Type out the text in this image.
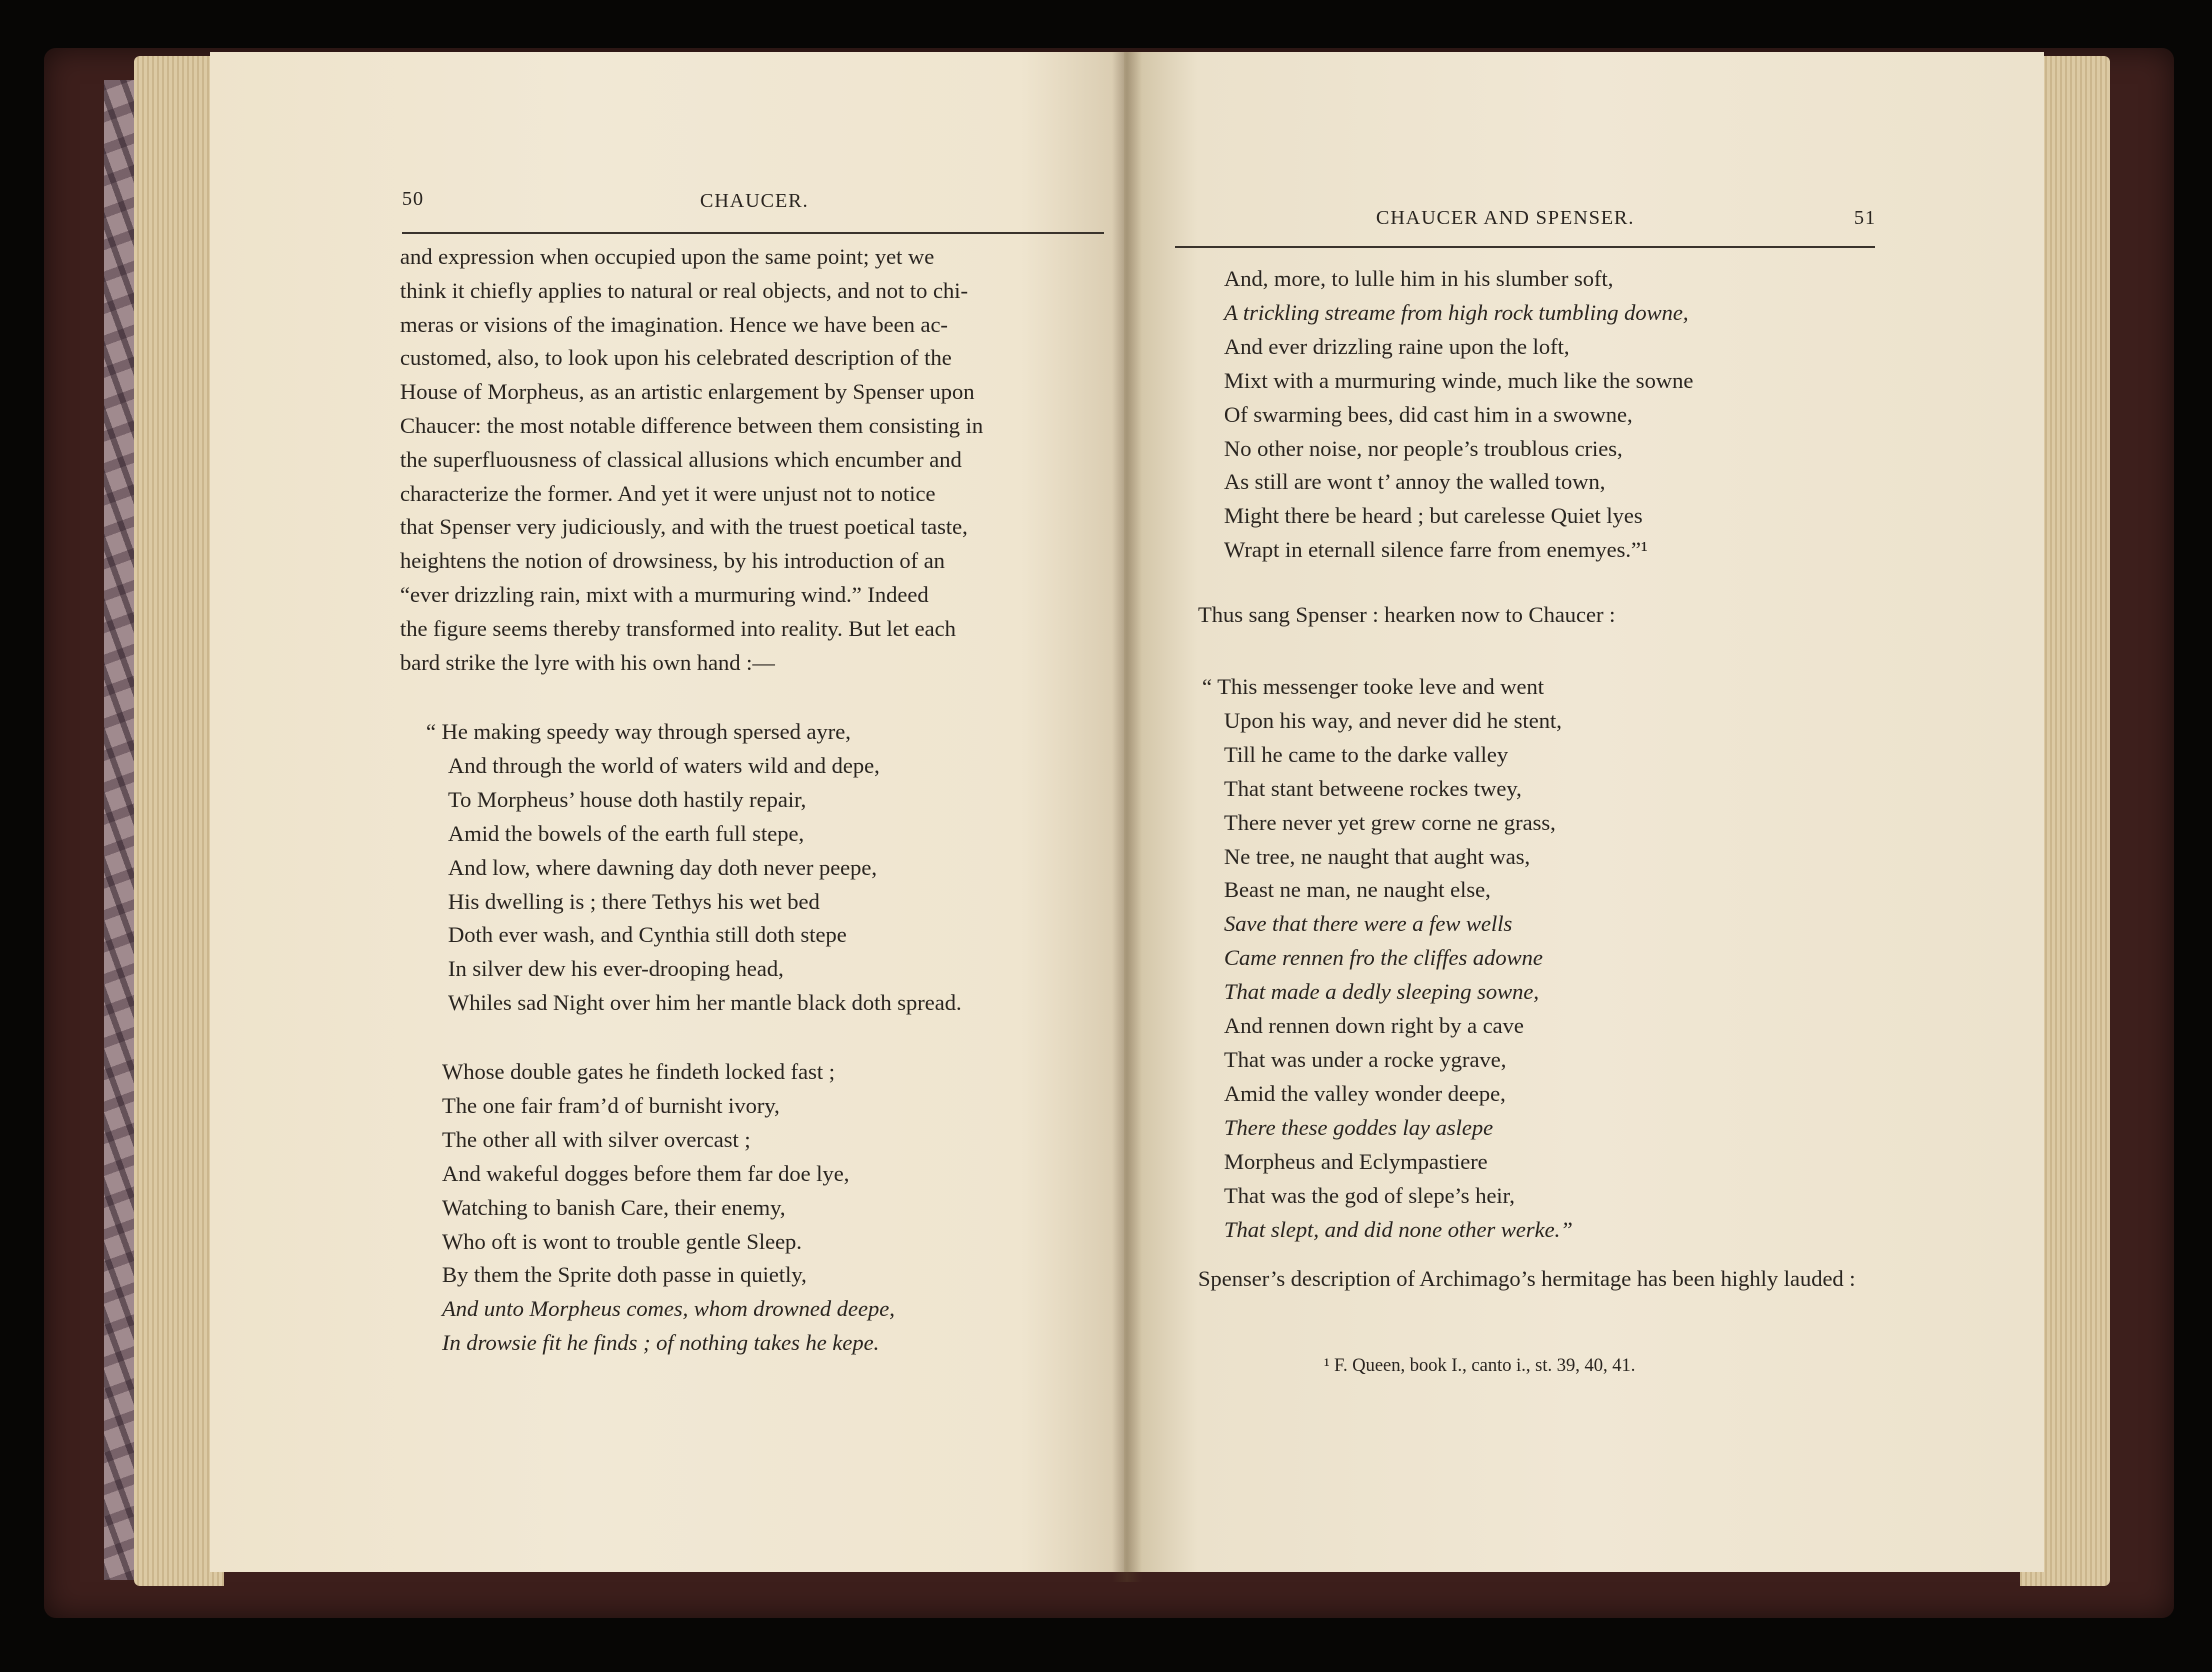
50	CHAUCER.
and expression when occupied upon the same point; yet we
think it chiefly applies to natural or real objects, and not to chi-
meras or visions of the imagination. Hence we have been ac-
customed, also, to look upon his celebrated description of the
House of Morpheus, as an artistic enlargement by Spenser upon
Chaucer: the most notable difference between them consisting in
the superfluousness of classical allusions which encumber and
characterize the former. And yet it were unjust not to notice
that Spenser very judiciously, and with the truest poetical taste,
heightens the notion of drowsiness, by his introduction of an
“ever drizzling rain, mixt with a murmuring wind.” Indeed
the figure seems thereby transformed into reality. But let each
bard strike the lyre with his own hand :—
“ He making speedy way through spersed ayre,
And through the world of waters wild and depe,
To Morpheus’ house doth hastily repair,
Amid the bowels of the earth full stepe,
And low, where dawning day doth never peepe,
His dwelling is ; there Tethys his wet bed
Doth ever wash, and Cynthia still doth stepe
In silver dew his ever-drooping head,
Whiles sad Night over him her mantle black doth spread.
Whose double gates he findeth locked fast ;
The one fair fram’d of burnisht ivory,
The other all with silver overcast ;
And wakeful dogges before them far doe lye,
Watching to banish Care, their enemy,
Who oft is wont to trouble gentle Sleep.
By them the Sprite doth passe in quietly,
And unto Morpheus comes, whom drowned deepe,
In drowsie fit he finds ; of nothing takes he kepe.
CHAUCER AND SPENSER.	51
And, more, to lulle him in his slumber soft,
A trickling streame from high rock tumbling downe,
And ever drizzling raine upon the loft,
Mixt with a murmuring winde, much like the sowne
Of swarming bees, did cast him in a swowne,
No other noise, nor people’s troublous cries,
As still are wont t’ annoy the walled town,
Might there be heard ; but carelesse Quiet lyes
Wrapt in eternall silence farre from enemyes.”¹
Thus sang Spenser : hearken now to Chaucer :
“ This messenger tooke leve and went
Upon his way, and never did he stent,
Till he came to the darke valley
That stant betweene rockes twey,
There never yet grew corne ne grass,
Ne tree, ne naught that aught was,
Beast ne man, ne naught else,
Save that there were a few wells
Came rennen fro the cliffes adowne
That made a dedly sleeping sowne,
And rennen down right by a cave
That was under a rocke ygrave,
Amid the valley wonder deepe,
There these goddes lay aslepe
Morpheus and Eclympastiere
That was the god of slepe’s heir,
That slept, and did none other werke.”
Spenser’s description of Archimago’s hermitage has been highly lauded :
¹ F. Queen, book I., canto i., st. 39, 40, 41.
